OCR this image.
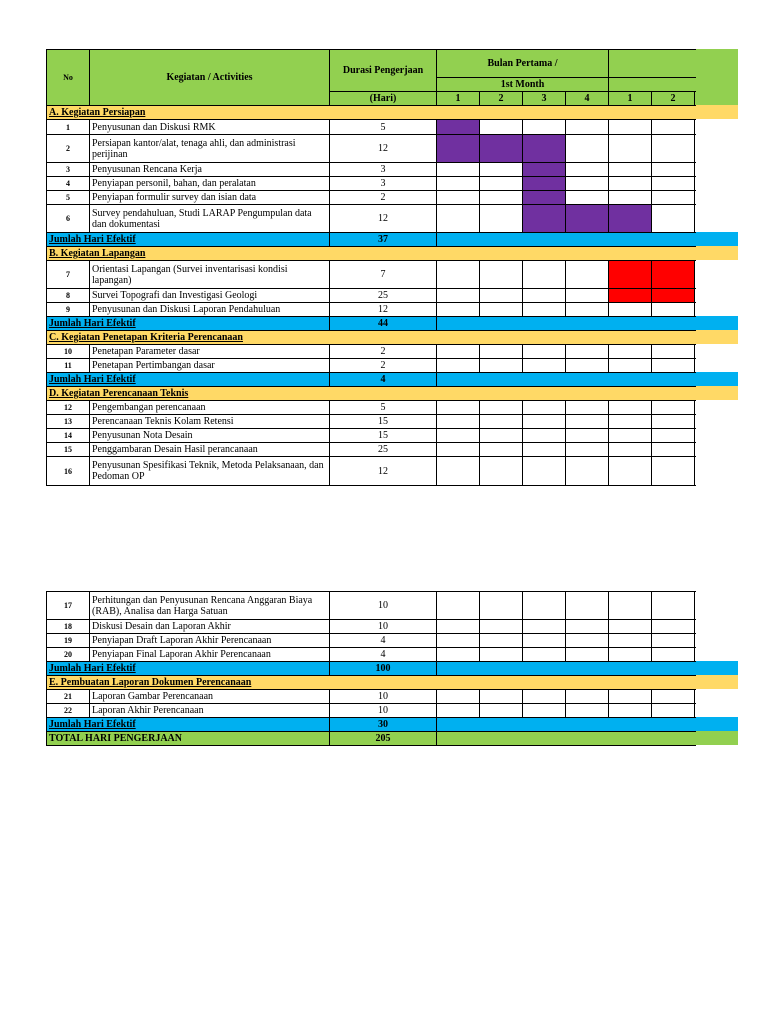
No	Kegiatan / Activities	Durasi Pengerjaan	Bulan Pertama /	
			1st Month	
		(Hari)	1	2	3	4	1	2	
A. Kegiatan Persiapan									
1	Penyusunan dan Diskusi RMK	5							
2	Persiapan kantor/alat, tenaga ahli, dan administrasi perijinan	12							
3	Penyusunan Rencana Kerja	3							
4	Penyiapan personil, bahan, dan peralatan	3							
5	Penyiapan formulir survey dan isian data	2							
6	Survey pendahuluan, Studi LARAP Pengumpulan data dan dokumentasi	12							
Jumlah Hari Efektif		37							
B. Kegiatan Lapangan									
7	Orientasi Lapangan (Survei inventarisasi kondisi lapangan)	7							
8	Survei Topografi dan Investigasi Geologi	25							
9	Penyusunan dan Diskusi Laporan Pendahuluan	12							
Jumlah Hari Efektif		44							
C. Kegiatan Penetapan Kriteria Perencanaan									
10	Penetapan Parameter dasar	2							
11	Penetapan Pertimbangan dasar	2							
Jumlah Hari Efektif		4							
D. Kegiatan Perencanaan Teknis									
12	Pengembangan perencanaan	5							
13	Perencanaan Teknis Kolam Retensi	15							
14	Penyusunan Nota Desain	15							
15	Penggambaran Desain Hasil perancanaan	25							
16	Penyusunan Spesifikasi Teknik, Metoda Pelaksanaan, dan Pedoman OP	12							
17	Perhitungan dan Penyusunan Rencana Anggaran Biaya (RAB), Analisa dan Harga Satuan	10							
18	Diskusi Desain dan Laporan Akhir	10							
19	Penyiapan Draft Laporan Akhir Perencanaan	4							
20	Penyiapan Final Laporan Akhir Perencanaan	4							
Jumlah Hari Efektif		100							
E. Pembuatan Laporan Dokumen Perencanaan									
21	Laporan Gambar Perencanaan	10							
22	Laporan Akhir Perencanaan	10							
Jumlah Hari Efektif		30							
TOTAL HARI PENGERJAAN		205							
